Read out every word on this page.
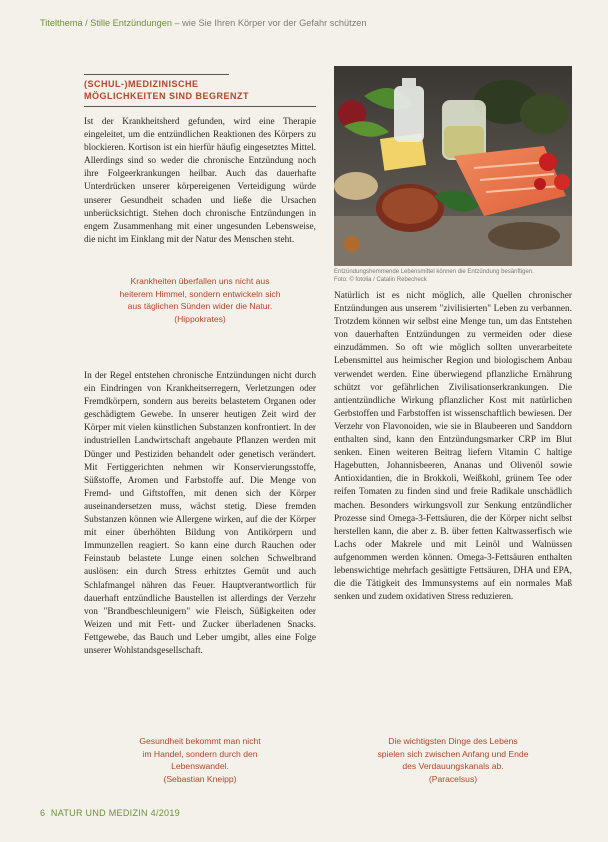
Titelthema / Stille Entzündungen – wie Sie Ihren Körper vor der Gefahr schützen
(SCHUL-)MEDIZINISCHE
MÖGLICHKEITEN SIND BEGRENZT

Ist der Krankheitsherd gefunden, wird eine Therapie eingeleitet, um die entzündlichen Reaktionen des Körpers zu blockieren. Kortison ist ein hierfür häufig eingesetztes Mittel. Allerdings sind so weder die chronische Entzündung noch ihre Folgeerkrankungen heilbar. Auch das dauerhafte Unterdrücken unserer körpereigenen Verteidigung würde unserer Gesundheit schaden und ließe die Ursachen unberücksichtigt. Stehen doch chronische Entzündungen in engem Zusammenhang mit einer ungesunden Lebensweise, die nicht im Einklang mit der Natur des Menschen steht.

Krankheiten überfallen uns nicht aus
heiterem Himmel, sondern entwickeln sich
aus täglichen Sünden wider die Natur.
(Hippokrates)

In der Regel entstehen chronische Entzündungen nicht durch ein Eindringen von Krankheitserregern, Verletzungen oder Fremdkörpern, sondern aus bereits belastetem Organen oder geschädigtem Gewebe. In unserer heutigen Zeit wird der Körper mit vielen künstlichen Substanzen konfrontiert. In der industriellen Landwirtschaft angebaute Pflanzen werden mit Dünger und Pestiziden behandelt oder genetisch verändert. Mit Fertiggerichten nehmen wir Konservierungsstoffe, Süßstoffe, Aromen und Farbstoffe auf. Die Menge von Fremd- und Giftstoffen, mit denen sich der Körper auseinandersetzen muss, wächst stetig. Diese fremden Substanzen können wie Allergene wirken, auf die der Körper mit einer überhöhten Bildung von Antikörpern und Immunzellen reagiert. So kann eine durch Rauchen oder Feinstaub belastete Lunge einen solchen Schwelbrand auslösen: ein durch Stress erhitztes Gemüt und auch Schlafmangel nähren das Feuer. Hauptverantwortlich für dauerhaft entzündliche Baustellen ist allerdings der Verzehr von "Brandbeschleunigern" wie Fleisch, Süßigkeiten oder Weizen und mit Fett- und Zucker überladenen Snacks. Fettgewebe, das Bauch und Leber umgibt, alles eine Folge unserer Wohlstandsgesellschaft.

Entzündungshemmende Lebensmittel können die Entzündung besänftigen.
Foto: © fotolia / Catalin Rebecheck

Natürlich ist es nicht möglich, alle Quellen chronischer Entzündungen aus unserem "zivilisierten" Leben zu verbannen. Trotzdem können wir selbst eine Menge tun, um das Entstehen von dauerhaften Entzündungen zu vermeiden oder diese einzudämmen. So oft wie möglich sollten unverarbeitete Lebensmittel aus heimischer Region und biologischem Anbau verwendet werden. Eine überwiegend pflanzliche Ernährung schützt vor gefährlichen Zivilisationserkrankungen. Die antientzündliche Wirkung pflanzlicher Kost mit natürlichen Gerbstoffen und Farbstoffen ist wissenschaftlich bewiesen. Der Verzehr von Flavonoiden, wie sie in Blaubeeren und Sanddorn enthalten sind, kann den Entzündungsmarker CRP im Blut senken. Einen weiteren Beitrag liefern Vitamin C haltige Hagebutten, Johannisbeeren, Ananas und Olivenöl sowie Antioxidantien, die in Brokkoli, Weißkohl, grünem Tee oder reifen Tomaten zu finden sind und freie Radikale unschädlich machen. Besonders wirkungsvoll zur Senkung entzündlicher Prozesse sind Omega-3-Fettsäuren, die der Körper nicht selbst herstellen kann, die aber z. B. über fetten Kaltwasserfisch wie Lachs oder Makrele und mit Leinöl und Walnüssen aufgenommen werden können. Omega-3-Fettsäuren enthalten lebenswichtige mehrfach gesättigte Fettsäuren, DHA und EPA, die die Tätigkeit des Immunsystems auf ein normales Maß senken und zudem oxidativen Stress reduzieren.

Gesundheit bekommt man nicht
im Handel, sondern durch den
Lebenswandel.
(Sebastian Kneipp)
Die wichtigsten Dinge des Lebens
spielen sich zwischen Anfang und Ende
des Verdauungskanals ab.
(Paracelsus)
6 NATUR UND MEDIZIN 4/2019
